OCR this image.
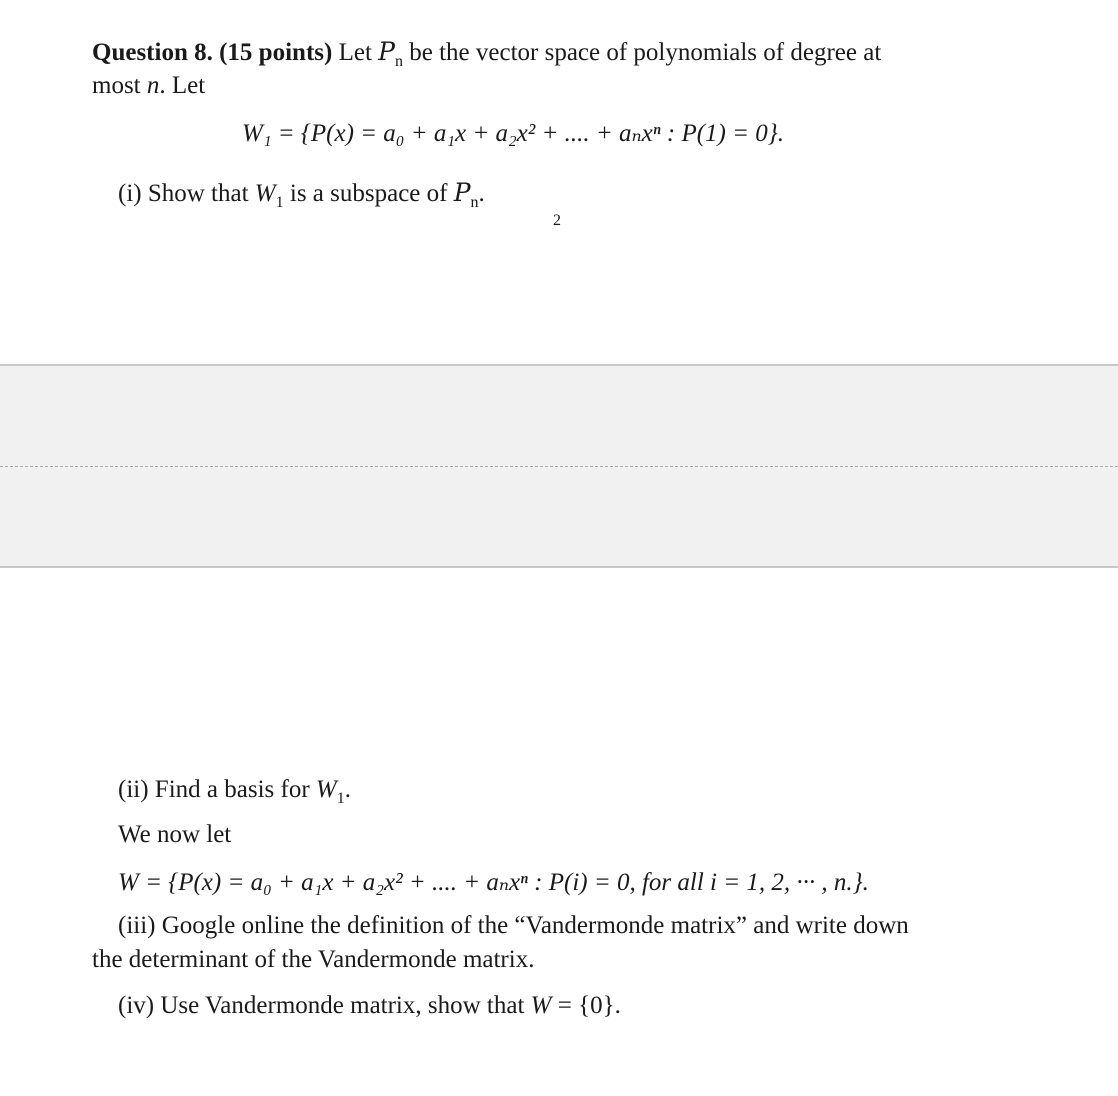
Question 8. (15 points) Let $P_n$ be the vector space of polynomials of degree at
most n. Let
W₁ = {P(x) = a₀ + a₁x + a₂x² + .... + aₙxⁿ : P(1) = 0}.
(i) Show that $W_1$ is a subspace of $P_n$.
2
(ii) Find a basis for $W_1$.
We now let
W = {P(x) = a₀ + a₁x + a₂x² + .... + aₙxⁿ : P(i) = 0, for all i = 1, 2, ··· , n.}.
(iii) Google online the definition of the “Vandermonde matrix” and write down
the determinant of the Vandermonde matrix.
(iv) Use Vandermonde matrix, show that W = {0}.
